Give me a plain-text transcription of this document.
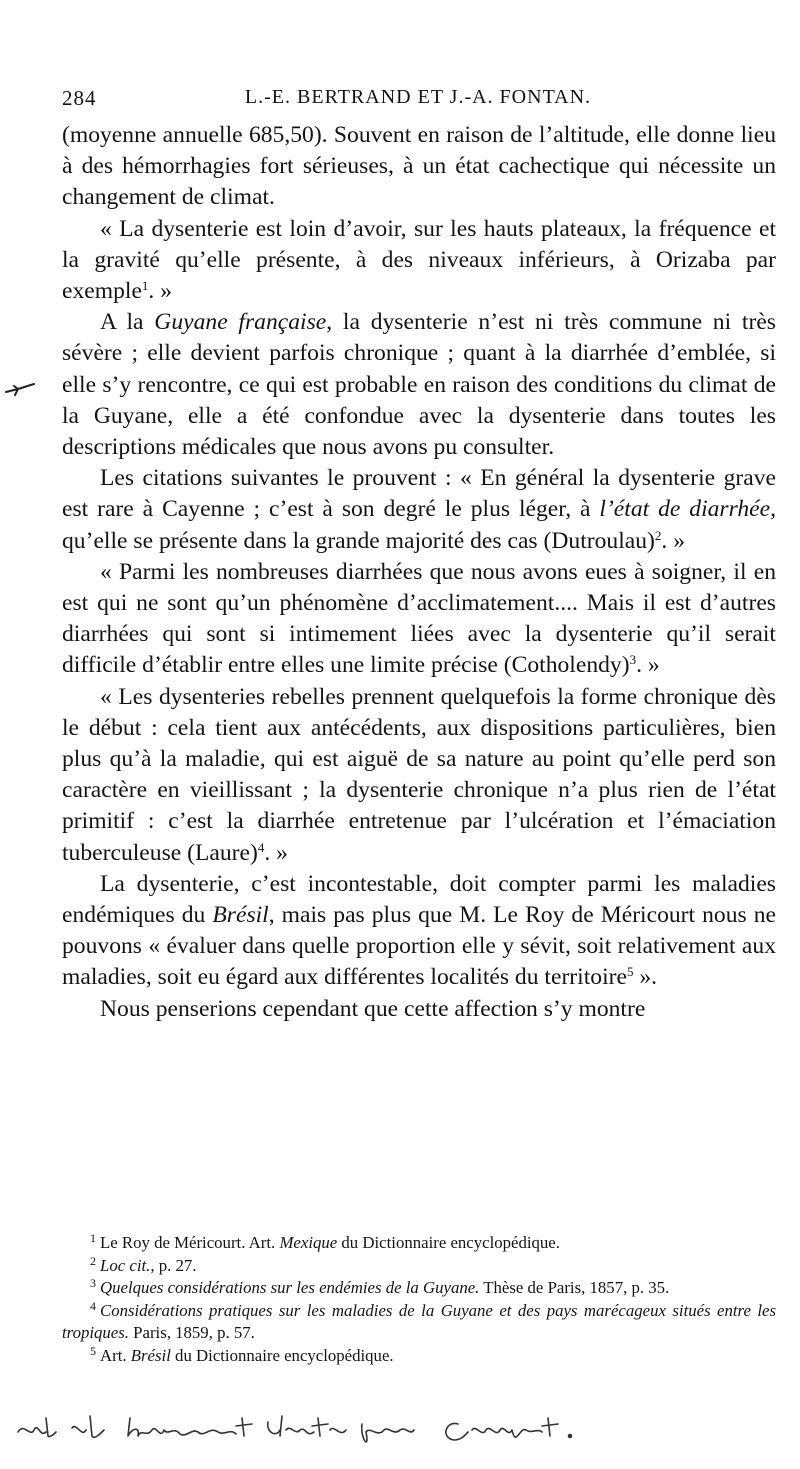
284	L.-E. BERTRAND ET J.-A. FONTAN.

(moyenne annuelle 685,50). Souvent en raison de l’altitude, elle donne lieu à des hémorrhagies fort sérieuses, à un état cachectique qui nécessite un changement de climat.

« La dysenterie est loin d’avoir, sur les hauts plateaux, la fréquence et la gravité qu’elle présente, à des niveaux inférieurs, à Orizaba par exemple$^1$. »

A la Guyane française, la dysenterie n’est ni très commune ni très sévère ; elle devient parfois chronique ; quant à la diarrhée d’emblée, si elle s’y rencontre, ce qui est probable en raison des conditions du climat de la Guyane, elle a été confondue avec la dysenterie dans toutes les descriptions médicales que nous avons pu consulter.

Les citations suivantes le prouvent : « En général la dysenterie grave est rare à Cayenne ; c’est à son degré le plus léger, à l’état de diarrhée, qu’elle se présente dans la grande majorité des cas (Dutroulau)$^2$. »

« Parmi les nombreuses diarrhées que nous avons eues à soigner, il en est qui ne sont qu’un phénomène d’acclimatement.... Mais il est d’autres diarrhées qui sont si intimement liées avec la dysenterie qu’il serait difficile d’établir entre elles une limite précise (Cotholendy)$^3$. »

« Les dysenteries rebelles prennent quelquefois la forme chronique dès le début : cela tient aux antécédents, aux dispositions particulières, bien plus qu’à la maladie, qui est aiguë de sa nature au point qu’elle perd son caractère en vieillissant ; la dysenterie chronique n’a plus rien de l’état primitif : c’est la diarrhée entretenue par l’ulcération et l’émaciation tuberculeuse (Laure)$^4$. »

La dysenterie, c’est incontestable, doit compter parmi les maladies endémiques du Brésil, mais pas plus que M. Le Roy de Méricourt nous ne pouvons « évaluer dans quelle proportion elle y sévit, soit relativement aux maladies, soit eu égard aux différentes localités du territoire$^5$ ».

Nous penserions cependant que cette affection s’y montre

$^1$ Le Roy de Méricourt. Art. Mexique du Dictionnaire encyclopédique.

$^2$ Loc cit., p. 27.

$^3$ Quelques considérations sur les endémies de la Guyane. Thèse de Paris, 1857, p. 35.

$^4$ Considérations pratiques sur les maladies de la Guyane et des pays marécageux situés entre les tropiques. Paris, 1859, p. 57.

$^5$ Art. Brésil du Dictionnaire encyclopédique.
